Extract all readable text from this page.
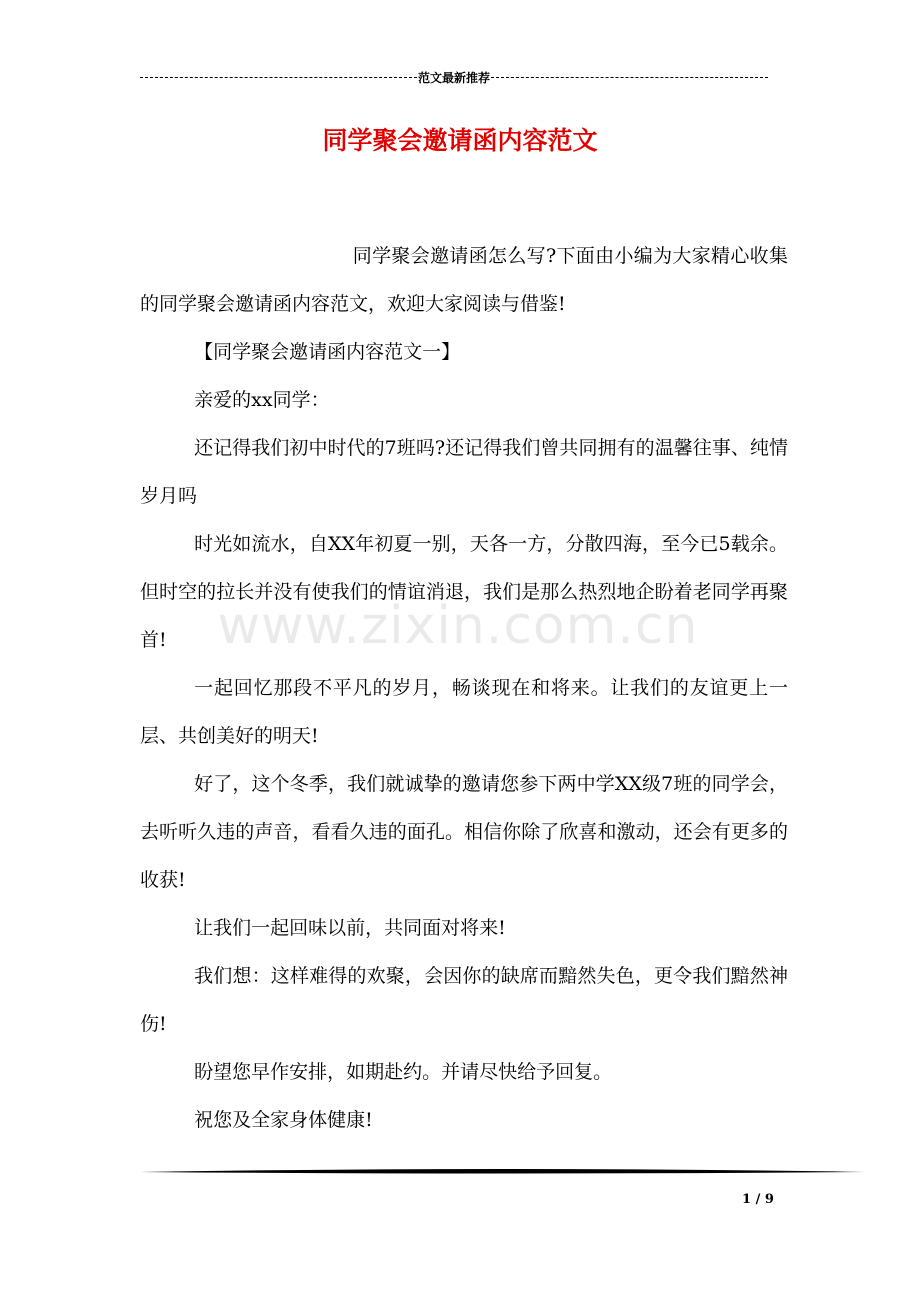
范文最新推荐
同学聚会邀请函内容范文

同学聚会邀请函怎么写?下面由小编为大家精心收集的同学聚会邀请函内容范文，欢迎大家阅读与借鉴!

【同学聚会邀请函内容范文一】

亲爱的xx同学：

还记得我们初中时代的7班吗?还记得我们曾共同拥有的温馨往事、纯情岁月吗

时光如流水，自XX年初夏一别，天各一方，分散四海，至今已5载余。但时空的拉长并没有使我们的情谊消退，我们是那么热烈地企盼着老同学再聚首!

一起回忆那段不平凡的岁月，畅谈现在和将来。让我们的友谊更上一层、共创美好的明天!

好了，这个冬季，我们就诚挚的邀请您参下两中学XX级7班的同学会，去听听久违的声音，看看久违的面孔。相信你除了欣喜和激动，还会有更多的收获!

让我们一起回味以前，共同面对将来!

我们想：这样难得的欢聚，会因你的缺席而黯然失色，更令我们黯然神伤!

盼望您早作安排，如期赴约。并请尽快给予回复。

祝您及全家身体健康!

www.zixin.com.cn
1 / 9
